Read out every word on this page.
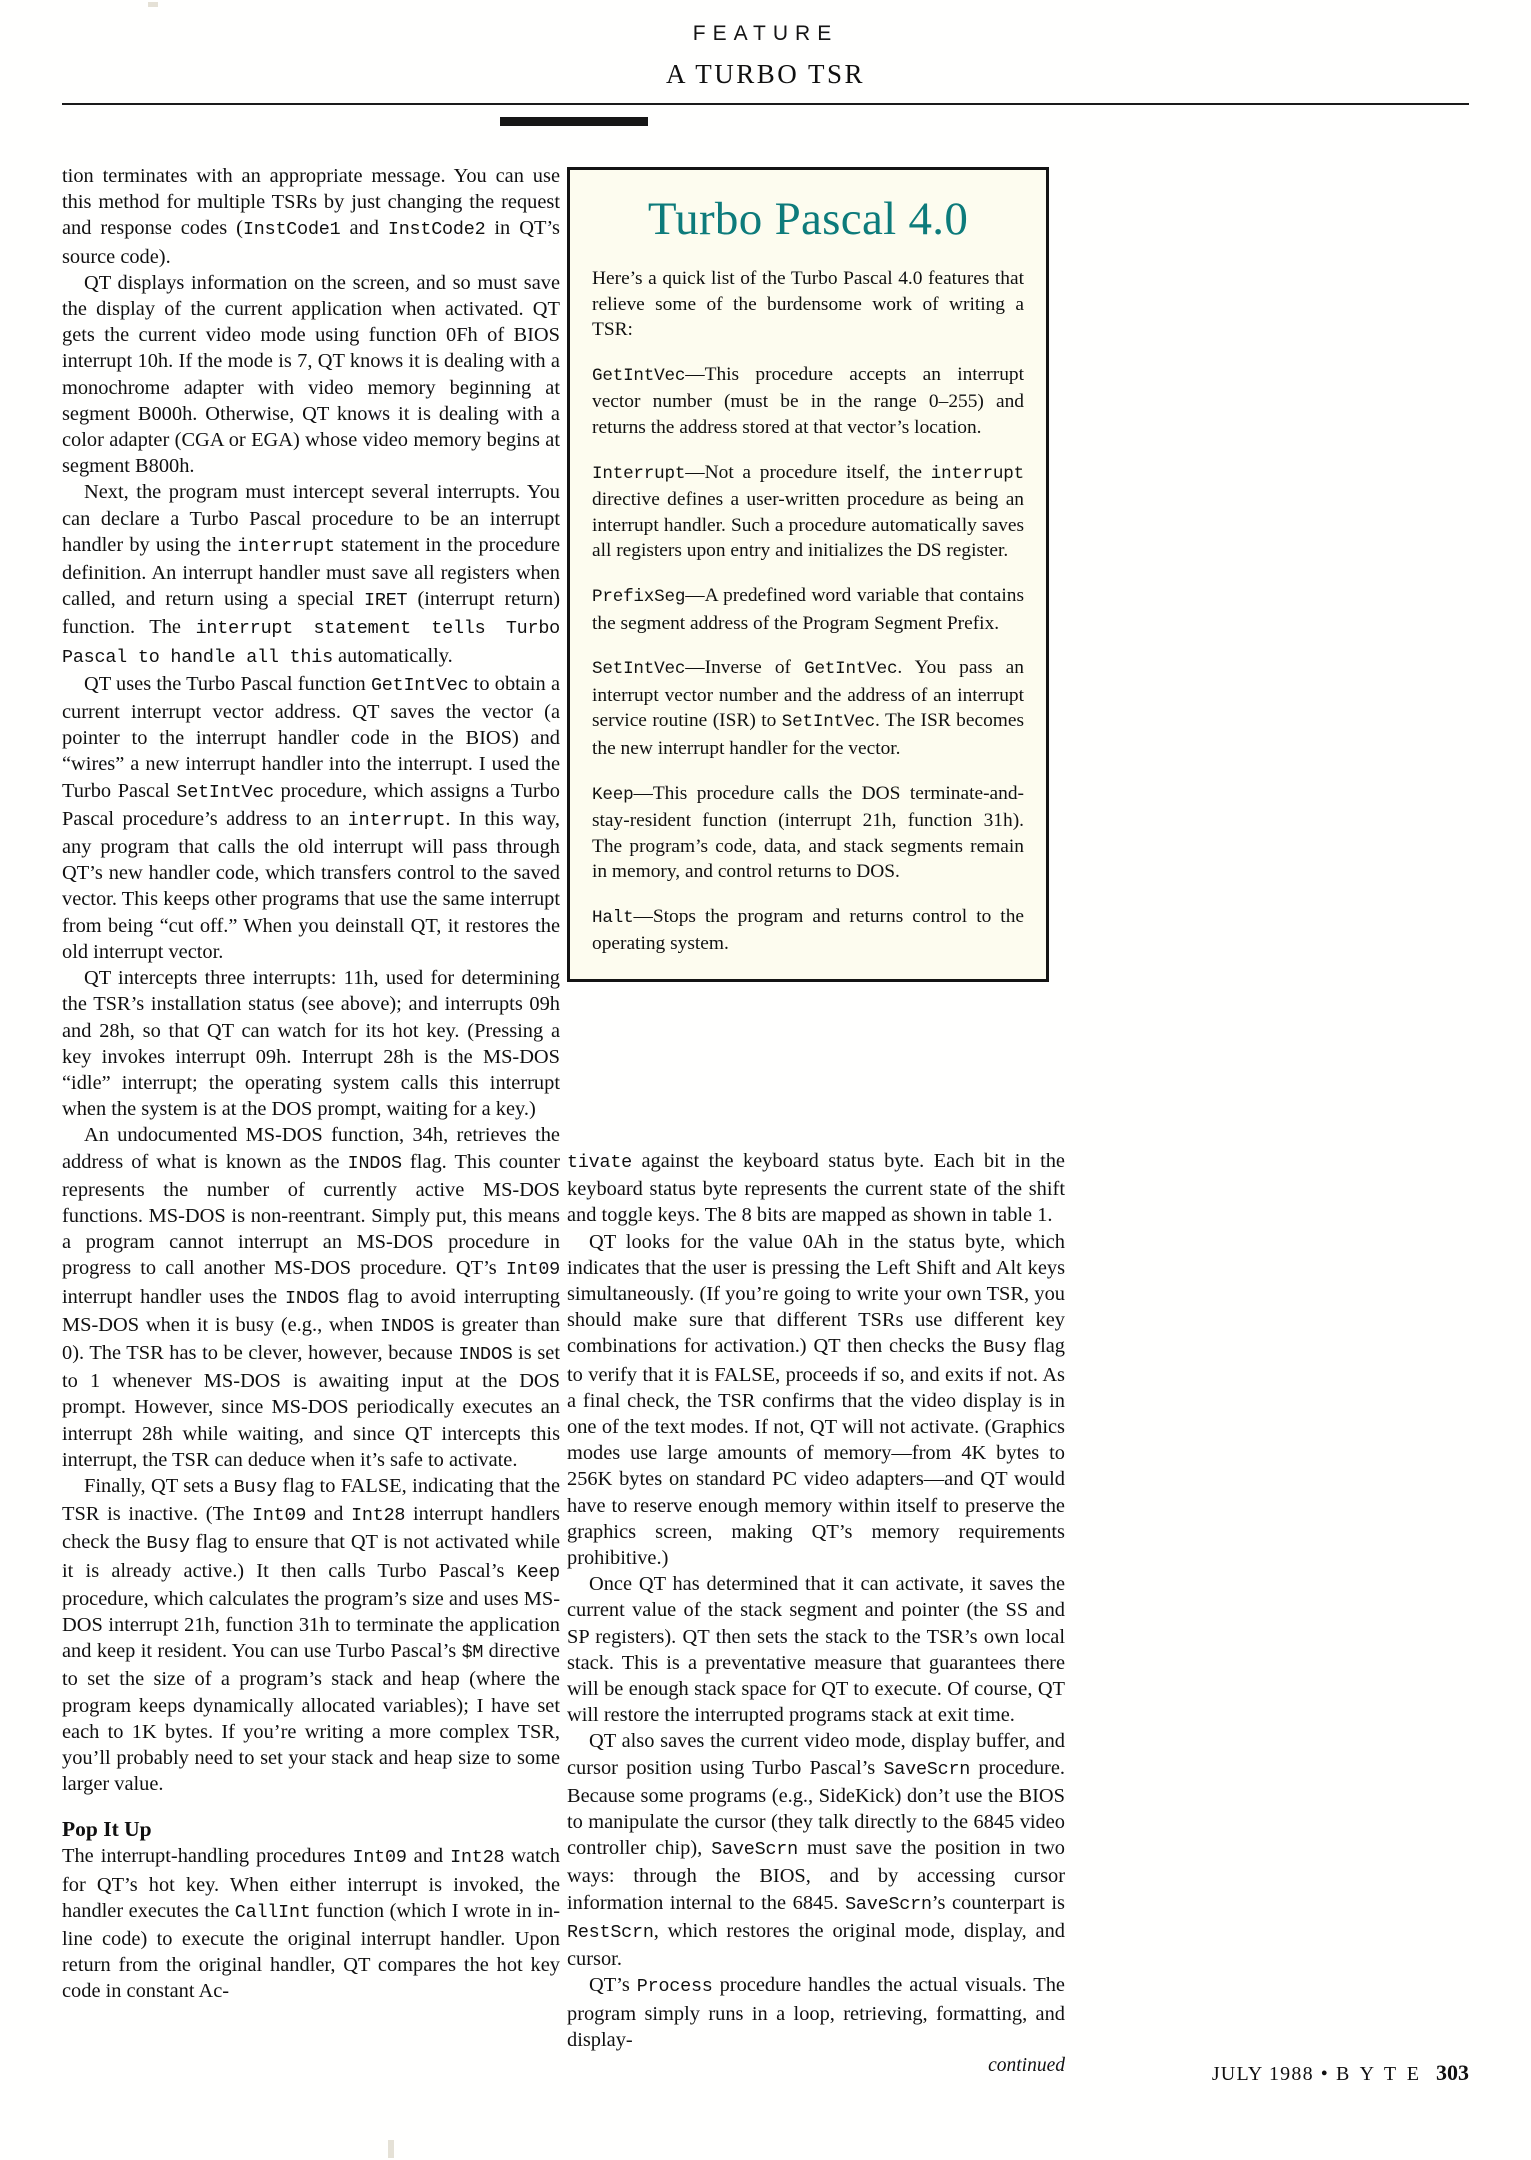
FEATURE
A TURBO TSR

tion terminates with an appropriate message. You can use this method for multiple TSRs by just changing the request and response codes (InstCode1 and InstCode2 in QT’s source code).

QT displays information on the screen, and so must save the display of the current application when activated. QT gets the current video mode using function 0Fh of BIOS interrupt 10h. If the mode is 7, QT knows it is dealing with a monochrome adapter with video memory beginning at segment B000h. Otherwise, QT knows it is dealing with a color adapter (CGA or EGA) whose video memory begins at segment B800h.

Next, the program must intercept several interrupts. You can declare a Turbo Pascal procedure to be an interrupt handler by using the interrupt statement in the procedure definition. An interrupt handler must save all registers when called, and return using a special IRET (interrupt return) function. The interrupt statement tells Turbo Pascal to handle all this automatically.

QT uses the Turbo Pascal function GetIntVec to obtain a current interrupt vector address. QT saves the vector (a pointer to the interrupt handler code in the BIOS) and “wires” a new interrupt handler into the interrupt. I used the Turbo Pascal SetIntVec procedure, which assigns a Turbo Pascal procedure’s address to an interrupt. In this way, any program that calls the old interrupt will pass through QT’s new handler code, which transfers control to the saved vector. This keeps other programs that use the same interrupt from being “cut off.” When you deinstall QT, it restores the old interrupt vector.

QT intercepts three interrupts: 11h, used for determining the TSR’s installation status (see above); and interrupts 09h and 28h, so that QT can watch for its hot key. (Pressing a key invokes interrupt 09h. Interrupt 28h is the MS-DOS “idle” interrupt; the operating system calls this interrupt when the system is at the DOS prompt, waiting for a key.)

An undocumented MS-DOS function, 34h, retrieves the address of what is known as the INDOS flag. This counter represents the number of currently active MS-DOS functions. MS-DOS is non-reentrant. Simply put, this means a program cannot interrupt an MS-DOS procedure in progress to call another MS-DOS procedure. QT’s Int09 interrupt handler uses the INDOS flag to avoid interrupting MS-DOS when it is busy (e.g., when INDOS is greater than 0). The TSR has to be clever, however, because INDOS is set to 1 whenever MS-DOS is awaiting input at the DOS prompt. However, since MS-DOS periodically executes an interrupt 28h while waiting, and since QT intercepts this interrupt, the TSR can deduce when it’s safe to activate.

Finally, QT sets a Busy flag to FALSE, indicating that the TSR is inactive. (The Int09 and Int28 interrupt handlers check the Busy flag to ensure that QT is not activated while it is already active.) It then calls Turbo Pascal’s Keep procedure, which calculates the program’s size and uses MS-DOS interrupt 21h, function 31h to terminate the application and keep it resident. You can use Turbo Pascal’s $M directive to set the size of a program’s stack and heap (where the program keeps dynamically allocated variables); I have set each to 1K bytes. If you’re writing a more complex TSR, you’ll probably need to set your stack and heap size to some larger value.

Pop It Up

The interrupt-handling procedures Int09 and Int28 watch for QT’s hot key. When either interrupt is invoked, the handler executes the CallInt function (which I wrote in in-line code) to execute the original interrupt handler. Upon return from the original handler, QT compares the hot key code in constant Ac-

Turbo Pascal 4.0

Here’s a quick list of the Turbo Pascal 4.0 features that relieve some of the burdensome work of writing a TSR:

GetIntVec—This procedure accepts an interrupt vector number (must be in the range 0–255) and returns the address stored at that vector’s location.

Interrupt—Not a procedure itself, the interrupt directive defines a user-written procedure as being an interrupt handler. Such a procedure automatically saves all registers upon entry and initializes the DS register.

PrefixSeg—A predefined word variable that contains the segment address of the Program Segment Prefix.

SetIntVec—Inverse of GetIntVec. You pass an interrupt vector number and the address of an interrupt service routine (ISR) to SetIntVec. The ISR becomes the new interrupt handler for the vector.

Keep—This procedure calls the DOS terminate-and-stay-resident function (interrupt 21h, function 31h). The program’s code, data, and stack segments remain in memory, and control returns to DOS.

Halt—Stops the program and returns control to the operating system.

tivate against the keyboard status byte. Each bit in the keyboard status byte represents the current state of the shift and toggle keys. The 8 bits are mapped as shown in table 1.

QT looks for the value 0Ah in the status byte, which indicates that the user is pressing the Left Shift and Alt keys simultaneously. (If you’re going to write your own TSR, you should make sure that different TSRs use different key combinations for activation.) QT then checks the Busy flag to verify that it is FALSE, proceeds if so, and exits if not. As a final check, the TSR confirms that the video display is in one of the text modes. If not, QT will not activate. (Graphics modes use large amounts of memory—from 4K bytes to 256K bytes on standard PC video adapters—and QT would have to reserve enough memory within itself to preserve the graphics screen, making QT’s memory requirements prohibitive.)

Once QT has determined that it can activate, it saves the current value of the stack segment and pointer (the SS and SP registers). QT then sets the stack to the TSR’s own local stack. This is a preventative measure that guarantees there will be enough stack space for QT to execute. Of course, QT will restore the interrupted programs stack at exit time.

QT also saves the current video mode, display buffer, and cursor position using Turbo Pascal’s SaveScrn procedure. Because some programs (e.g., SideKick) don’t use the BIOS to manipulate the cursor (they talk directly to the 6845 video controller chip), SaveScrn must save the position in two ways: through the BIOS, and by accessing cursor information internal to the 6845. SaveScrn’s counterpart is RestScrn, which restores the original mode, display, and cursor.

QT’s Process procedure handles the actual visuals. The program simply runs in a loop, retrieving, formatting, and display-

continued	JULY 1988 • B Y T E 303
